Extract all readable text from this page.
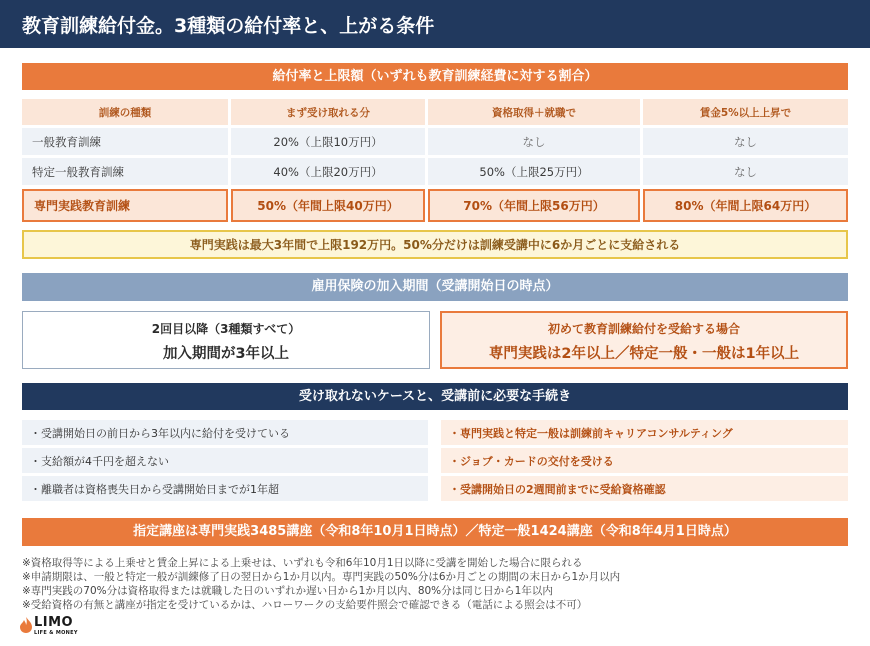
教育訓練給付金。3種類の給付率と、上がる条件
給付率と上限額（いずれも教育訓練経費に対する割合）
訓練の種類	まず受け取れる分	資格取得＋就職で	賃金5%以上上昇で
一般教育訓練	20%（上限10万円）	なし	なし
特定一般教育訓練	40%（上限20万円）	50%（上限25万円）	なし
専門実践教育訓練	50%（年間上限40万円）	70%（年間上限56万円）	80%（年間上限64万円）
専門実践は最大3年間で上限192万円。50%分だけは訓練受講中に6か月ごとに支給される
雇用保険の加入期間（受講開始日の時点）
2回目以降（3種類すべて）
加入期間が3年以上
初めて教育訓練給付を受給する場合
専門実践は2年以上／特定一般・一般は1年以上
受け取れないケースと、受講前に必要な手続き
・受講開始日の前日から3年以内に給付を受けている
・支給額が4千円を超えない
・離職者は資格喪失日から受講開始日までが1年超
・専門実践と特定一般は訓練前キャリアコンサルティング
・ジョブ・カードの交付を受ける
・受講開始日の2週間前までに受給資格確認
指定講座は専門実践3485講座（令和8年10月1日時点）／特定一般1424講座（令和8年4月1日時点）
※資格取得等による上乗せと賃金上昇による上乗せは、いずれも令和6年10月1日以降に受講を開始した場合に限られる
※申請期限は、一般と特定一般が訓練修了日の翌日から1か月以内。専門実践の50%分は6か月ごとの期間の末日から1か月以内
※専門実践の70%分は資格取得または就職した日のいずれか遅い日から1か月以内、80%分は同じ日から1年以内
※受給資格の有無と講座が指定を受けているかは、ハローワークの支給要件照会で確認できる（電話による照会は不可）
LIMO
LIFE & MONEY
